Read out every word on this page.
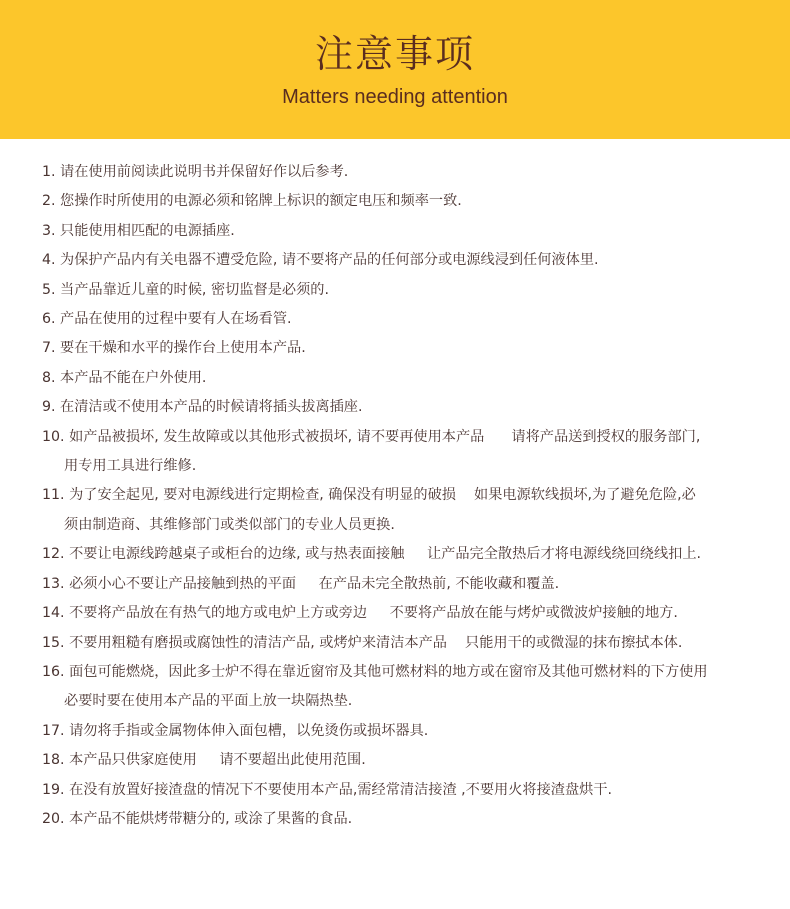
注意事项
Matters needing attention
1. 请在使用前阅读此说明书并保留好作以后参考.
2. 您操作时所使用的电源必须和铭牌上标识的额定电压和频率一致.
3. 只能使用相匹配的电源插座.
4. 为保护产品内有关电器不遭受危险, 请不要将产品的任何部分或电源线浸到任何液体里.
5. 当产品靠近儿童的时候, 密切监督是必须的.
6. 产品在使用的过程中要有人在场看管.
7. 要在干燥和水平的操作台上使用本产品.
8. 本产品不能在户外使用.
9. 在清洁或不使用本产品的时候请将插头拔离插座.
10. 如产品被损坏, 发生故障或以其他形式被损坏, 请不要再使用本产品      请将产品送到授权的服务部门,
用专用工具进行维修.
11. 为了安全起见, 要对电源线进行定期检查, 确保没有明显的破损    如果电源软线损坏,为了避免危险,必
须由制造商、其维修部门或类似部门的专业人员更换.
12. 不要让电源线跨越桌子或柜台的边缘, 或与热表面接触     让产品完全散热后才将电源线绕回绕线扣上.
13. 必须小心不要让产品接触到热的平面     在产品未完全散热前, 不能收藏和覆盖.
14. 不要将产品放在有热气的地方或电炉上方或旁边     不要将产品放在能与烤炉或微波炉接触的地方.
15. 不要用粗糙有磨损或腐蚀性的清洁产品, 或烤炉来清洁本产品    只能用干的或微湿的抹布擦拭本体.
16. 面包可能燃烧，因此多士炉不得在靠近窗帘及其他可燃材料的地方或在窗帘及其他可燃材料的下方使用
必要时要在使用本产品的平面上放一块隔热垫.
17. 请勿将手指或金属物体伸入面包槽，以免烫伤或损坏器具.
18. 本产品只供家庭使用     请不要超出此使用范围.
19. 在没有放置好接渣盘的情况下不要使用本产品,需经常清洁接渣 ,不要用火将接渣盘烘干.
20. 本产品不能烘烤带糖分的, 或涂了果酱的食品.
